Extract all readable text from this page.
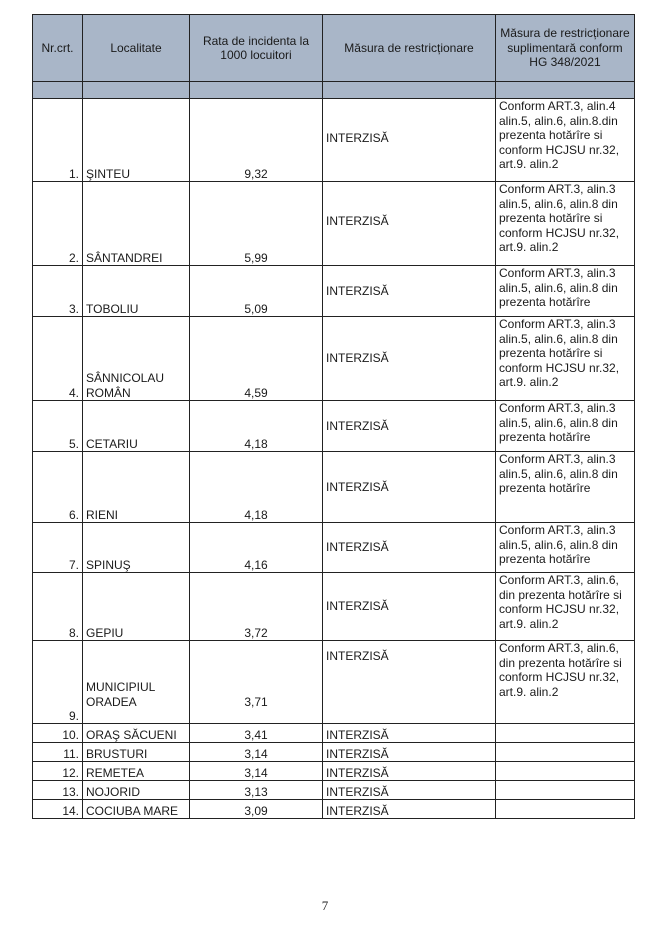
Nr.crt.	Localitate	Rata de incidenta la 1000 locuitori	Măsura de restricționare	Măsura de restricționare suplimentară conform HG 348/2021

1.	ŞINTEU	9,32	INTERZISĂ	Conform ART.3, alin.4 alin.5, alin.6, alin.8.din prezenta hotărîre si conform HCJSU nr.32, art.9. alin.2
2.	SÂNTANDREI	5,99	INTERZISĂ	Conform ART.3, alin.3 alin.5, alin.6, alin.8 din prezenta hotărîre si conform HCJSU nr.32, art.9. alin.2
3.	TOBOLIU	5,09	INTERZISĂ	Conform ART.3, alin.3 alin.5, alin.6, alin.8 din prezenta hotărîre
4.	SÂNNICOLAU ROMÂN	4,59	INTERZISĂ	Conform ART.3, alin.3 alin.5, alin.6, alin.8 din prezenta hotărîre si conform HCJSU nr.32, art.9. alin.2
5.	CETARIU	4,18	INTERZISĂ	Conform ART.3, alin.3 alin.5, alin.6, alin.8 din prezenta hotărîre
6.	RIENI	4,18	INTERZISĂ	Conform ART.3, alin.3 alin.5, alin.6, alin.8 din prezenta hotărîre
7.	SPINUŞ	4,16	INTERZISĂ	Conform ART.3, alin.3 alin.5, alin.6, alin.8 din prezenta hotărîre
8.	GEPIU	3,72	INTERZISĂ	Conform ART.3, alin.6, din prezenta hotărîre si conform HCJSU nr.32, art.9. alin.2
9.	MUNICIPIUL ORADEA	3,71	INTERZISĂ	Conform ART.3, alin.6, din prezenta hotărîre si conform HCJSU nr.32, art.9. alin.2
10.	ORAŞ SĂCUENI	3,41	INTERZISĂ	
11.	BRUSTURI	3,14	INTERZISĂ	
12.	REMETEA	3,14	INTERZISĂ	
13.	NOJORID	3,13	INTERZISĂ	
14.	COCIUBA MARE	3,09	INTERZISĂ	
7
